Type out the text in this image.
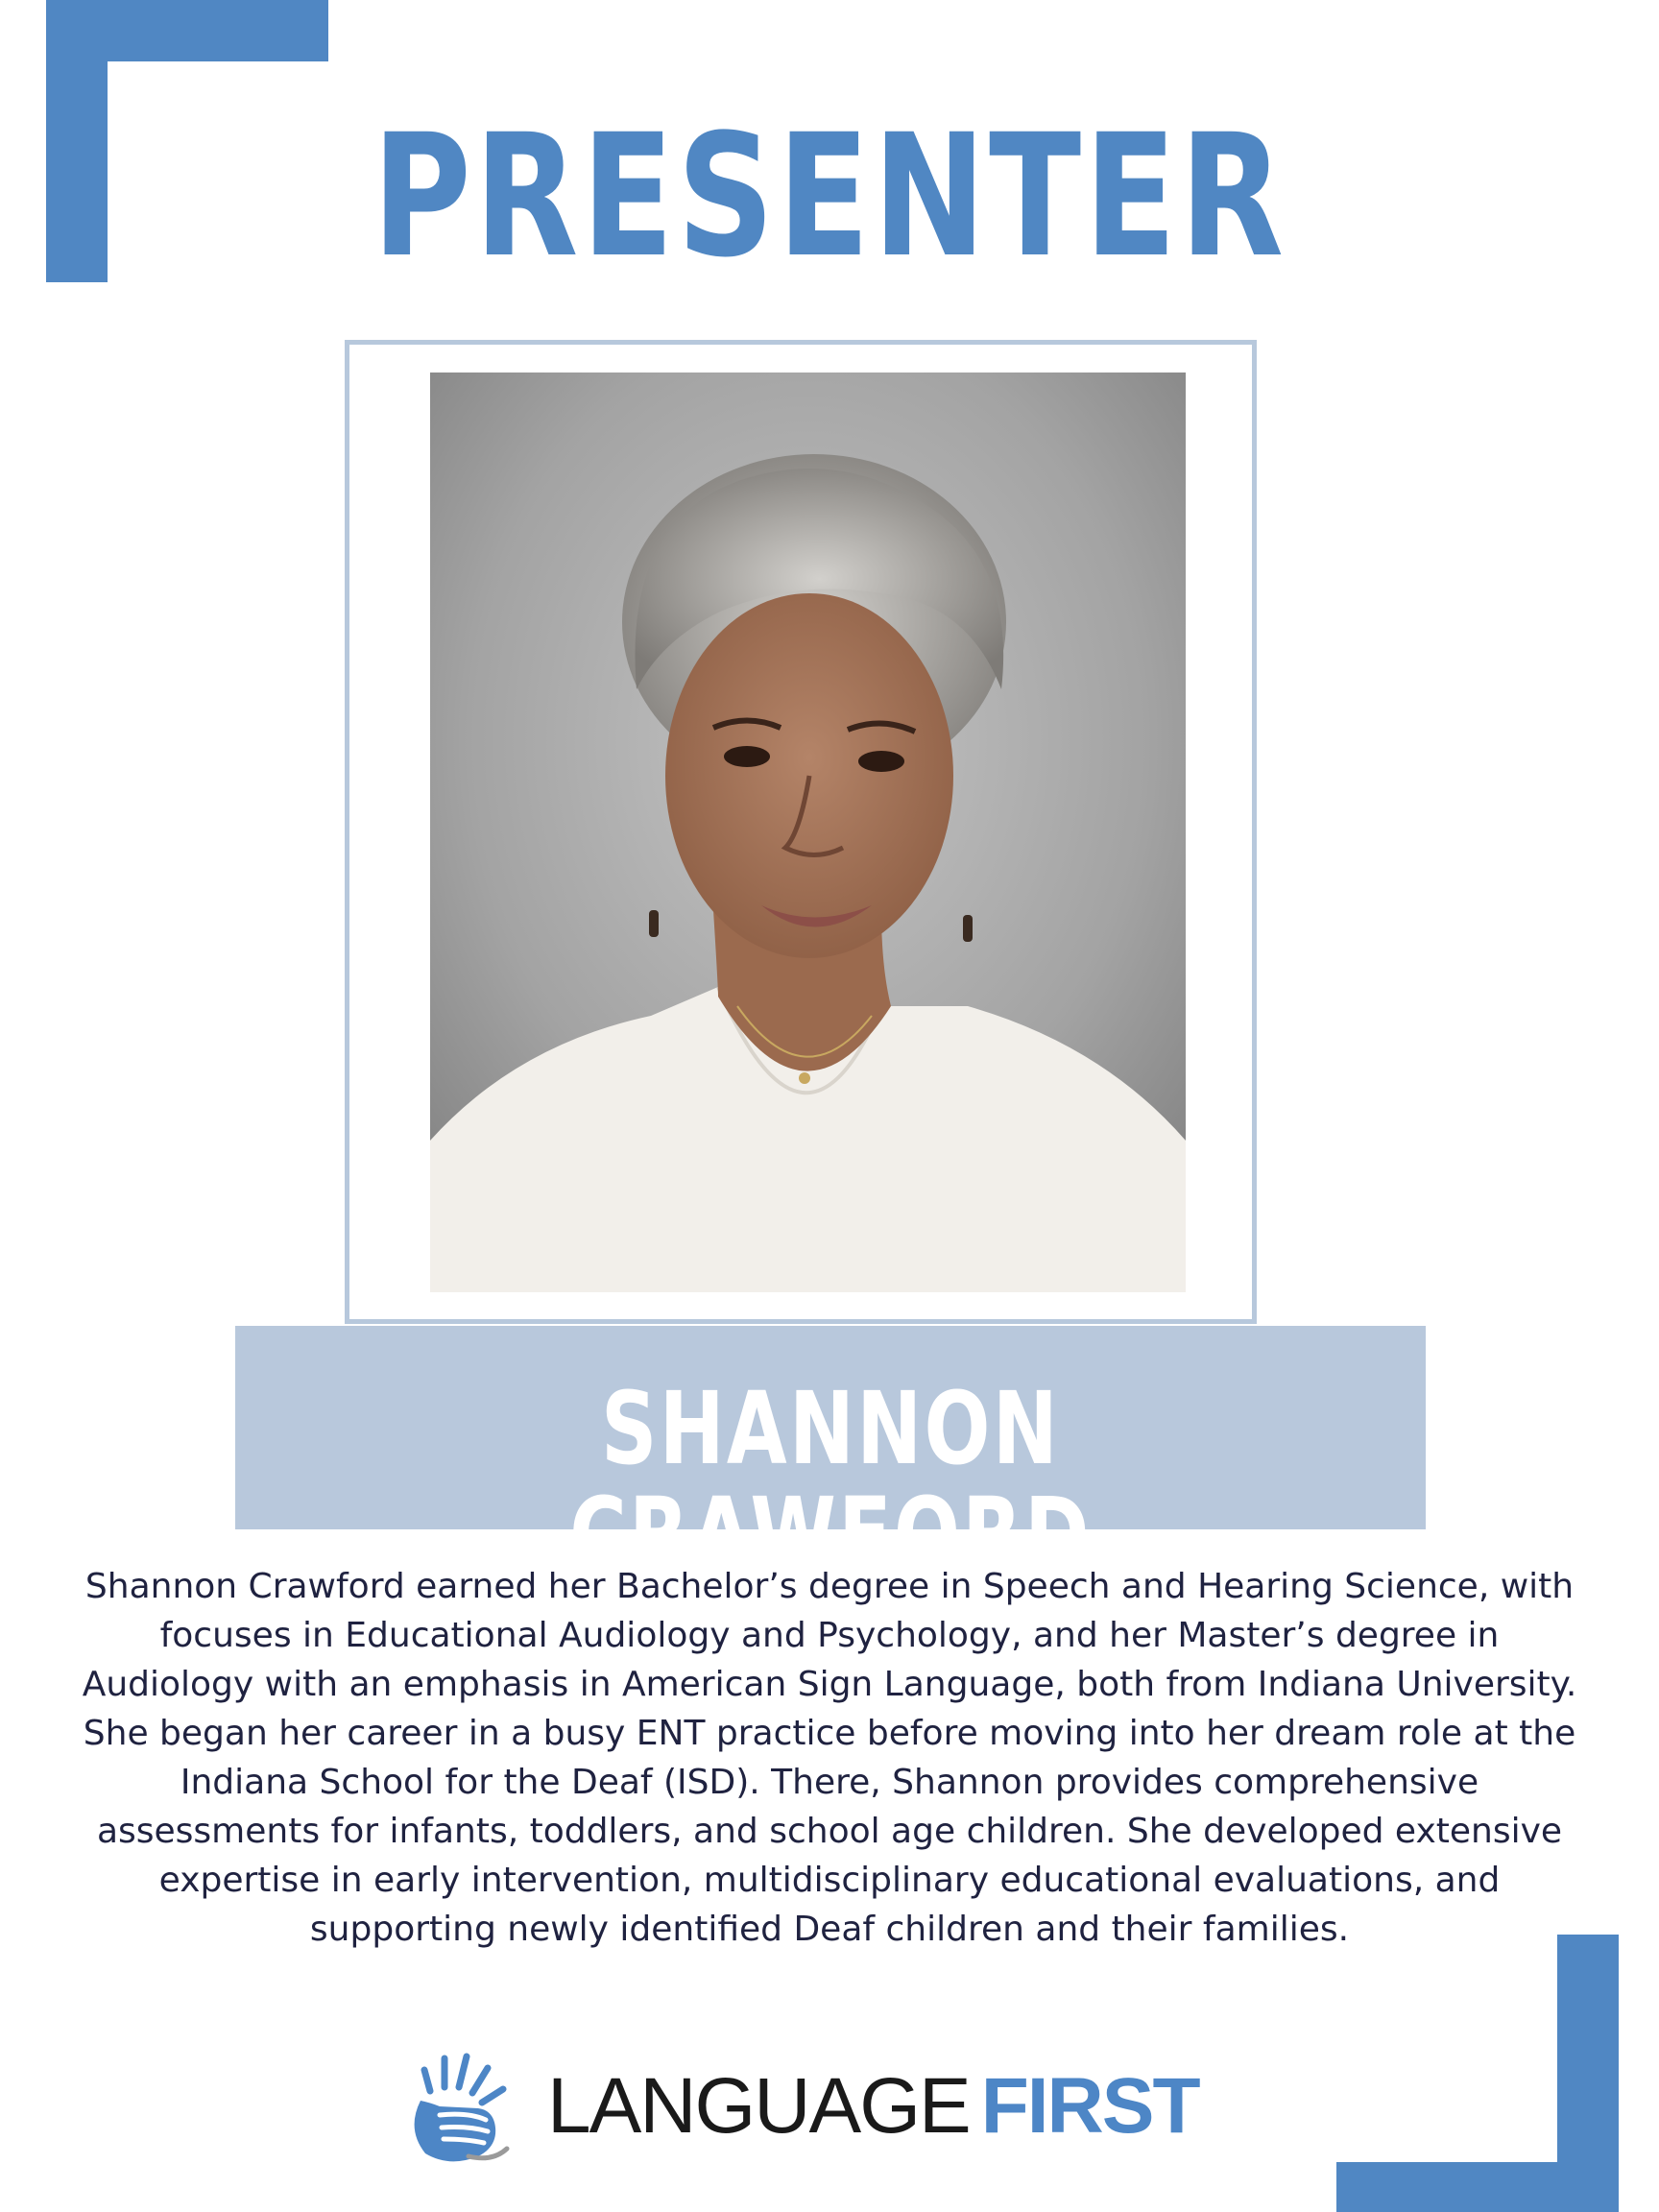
PRESENTER
SHANNON CRAWFORD
Shannon Crawford earned her Bachelor’s degree in Speech and Hearing Science, with focuses in Educational Audiology and Psychology, and her Master’s degree in Audiology with an emphasis in American Sign Language, both from Indiana University. She began her career in a busy ENT practice before moving into her dream role at the Indiana School for the Deaf (ISD). There, Shannon provides comprehensive assessments for infants, toddlers, and school age children. She developed extensive expertise in early intervention, multidisciplinary educational evaluations, and supporting newly identified Deaf children and their families.
LANGUAGE FIRST
